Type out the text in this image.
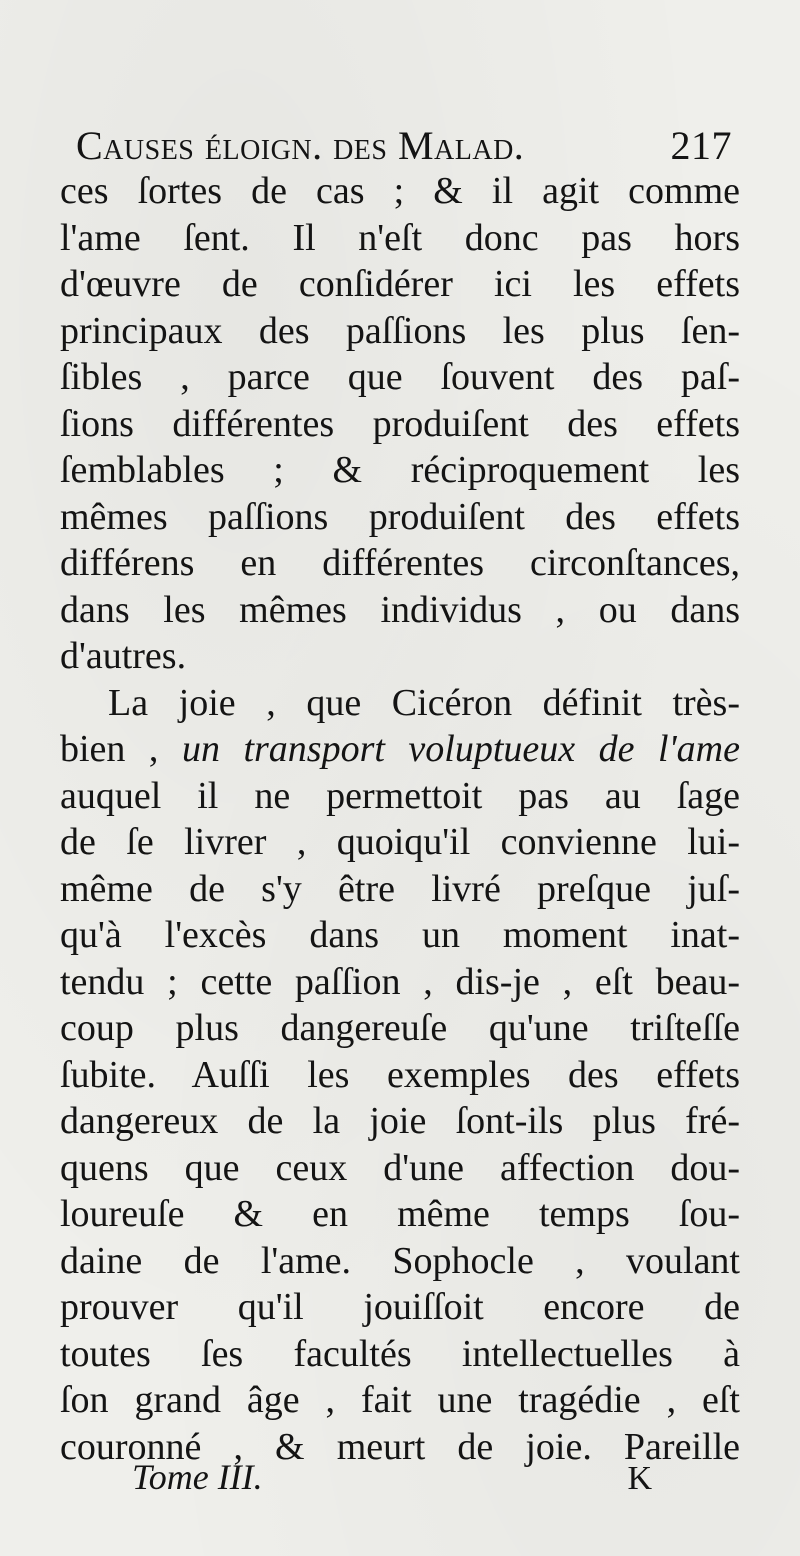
Causes éloign. des Malad.	217
ces ſortes de cas ; & il agit comme
l'ame ſent. Il n'eſt donc pas hors
d'œuvre de conſidérer ici les effets
principaux des paſſions les plus ſen-
ſibles , parce que ſouvent des paſ-
ſions différentes produiſent des effets
ſemblables ; & réciproquement les
mêmes paſſions produiſent des effets
différens en différentes circonſtances,
dans les mêmes individus , ou dans
d'autres.
La joie , que Cicéron définit très-
bien , un transport voluptueux de l'ame
auquel il ne permettoit pas au ſage
de ſe livrer , quoiqu'il convienne lui-
même de s'y être livré preſque juſ-
qu'à l'excès dans un moment inat-
tendu ; cette paſſion , dis-je , eſt beau-
coup plus dangereuſe qu'une triſteſſe
ſubite. Auſſi les exemples des effets
dangereux de la joie ſont-ils plus fré-
quens que ceux d'une affection dou-
loureuſe & en même temps ſou-
daine de l'ame. Sophocle , voulant
prouver qu'il jouiſſoit encore de
toutes ſes facultés intellectuelles à
ſon grand âge , fait une tragédie , eſt
couronné , & meurt de joie. Pareille
Tome III.	K
